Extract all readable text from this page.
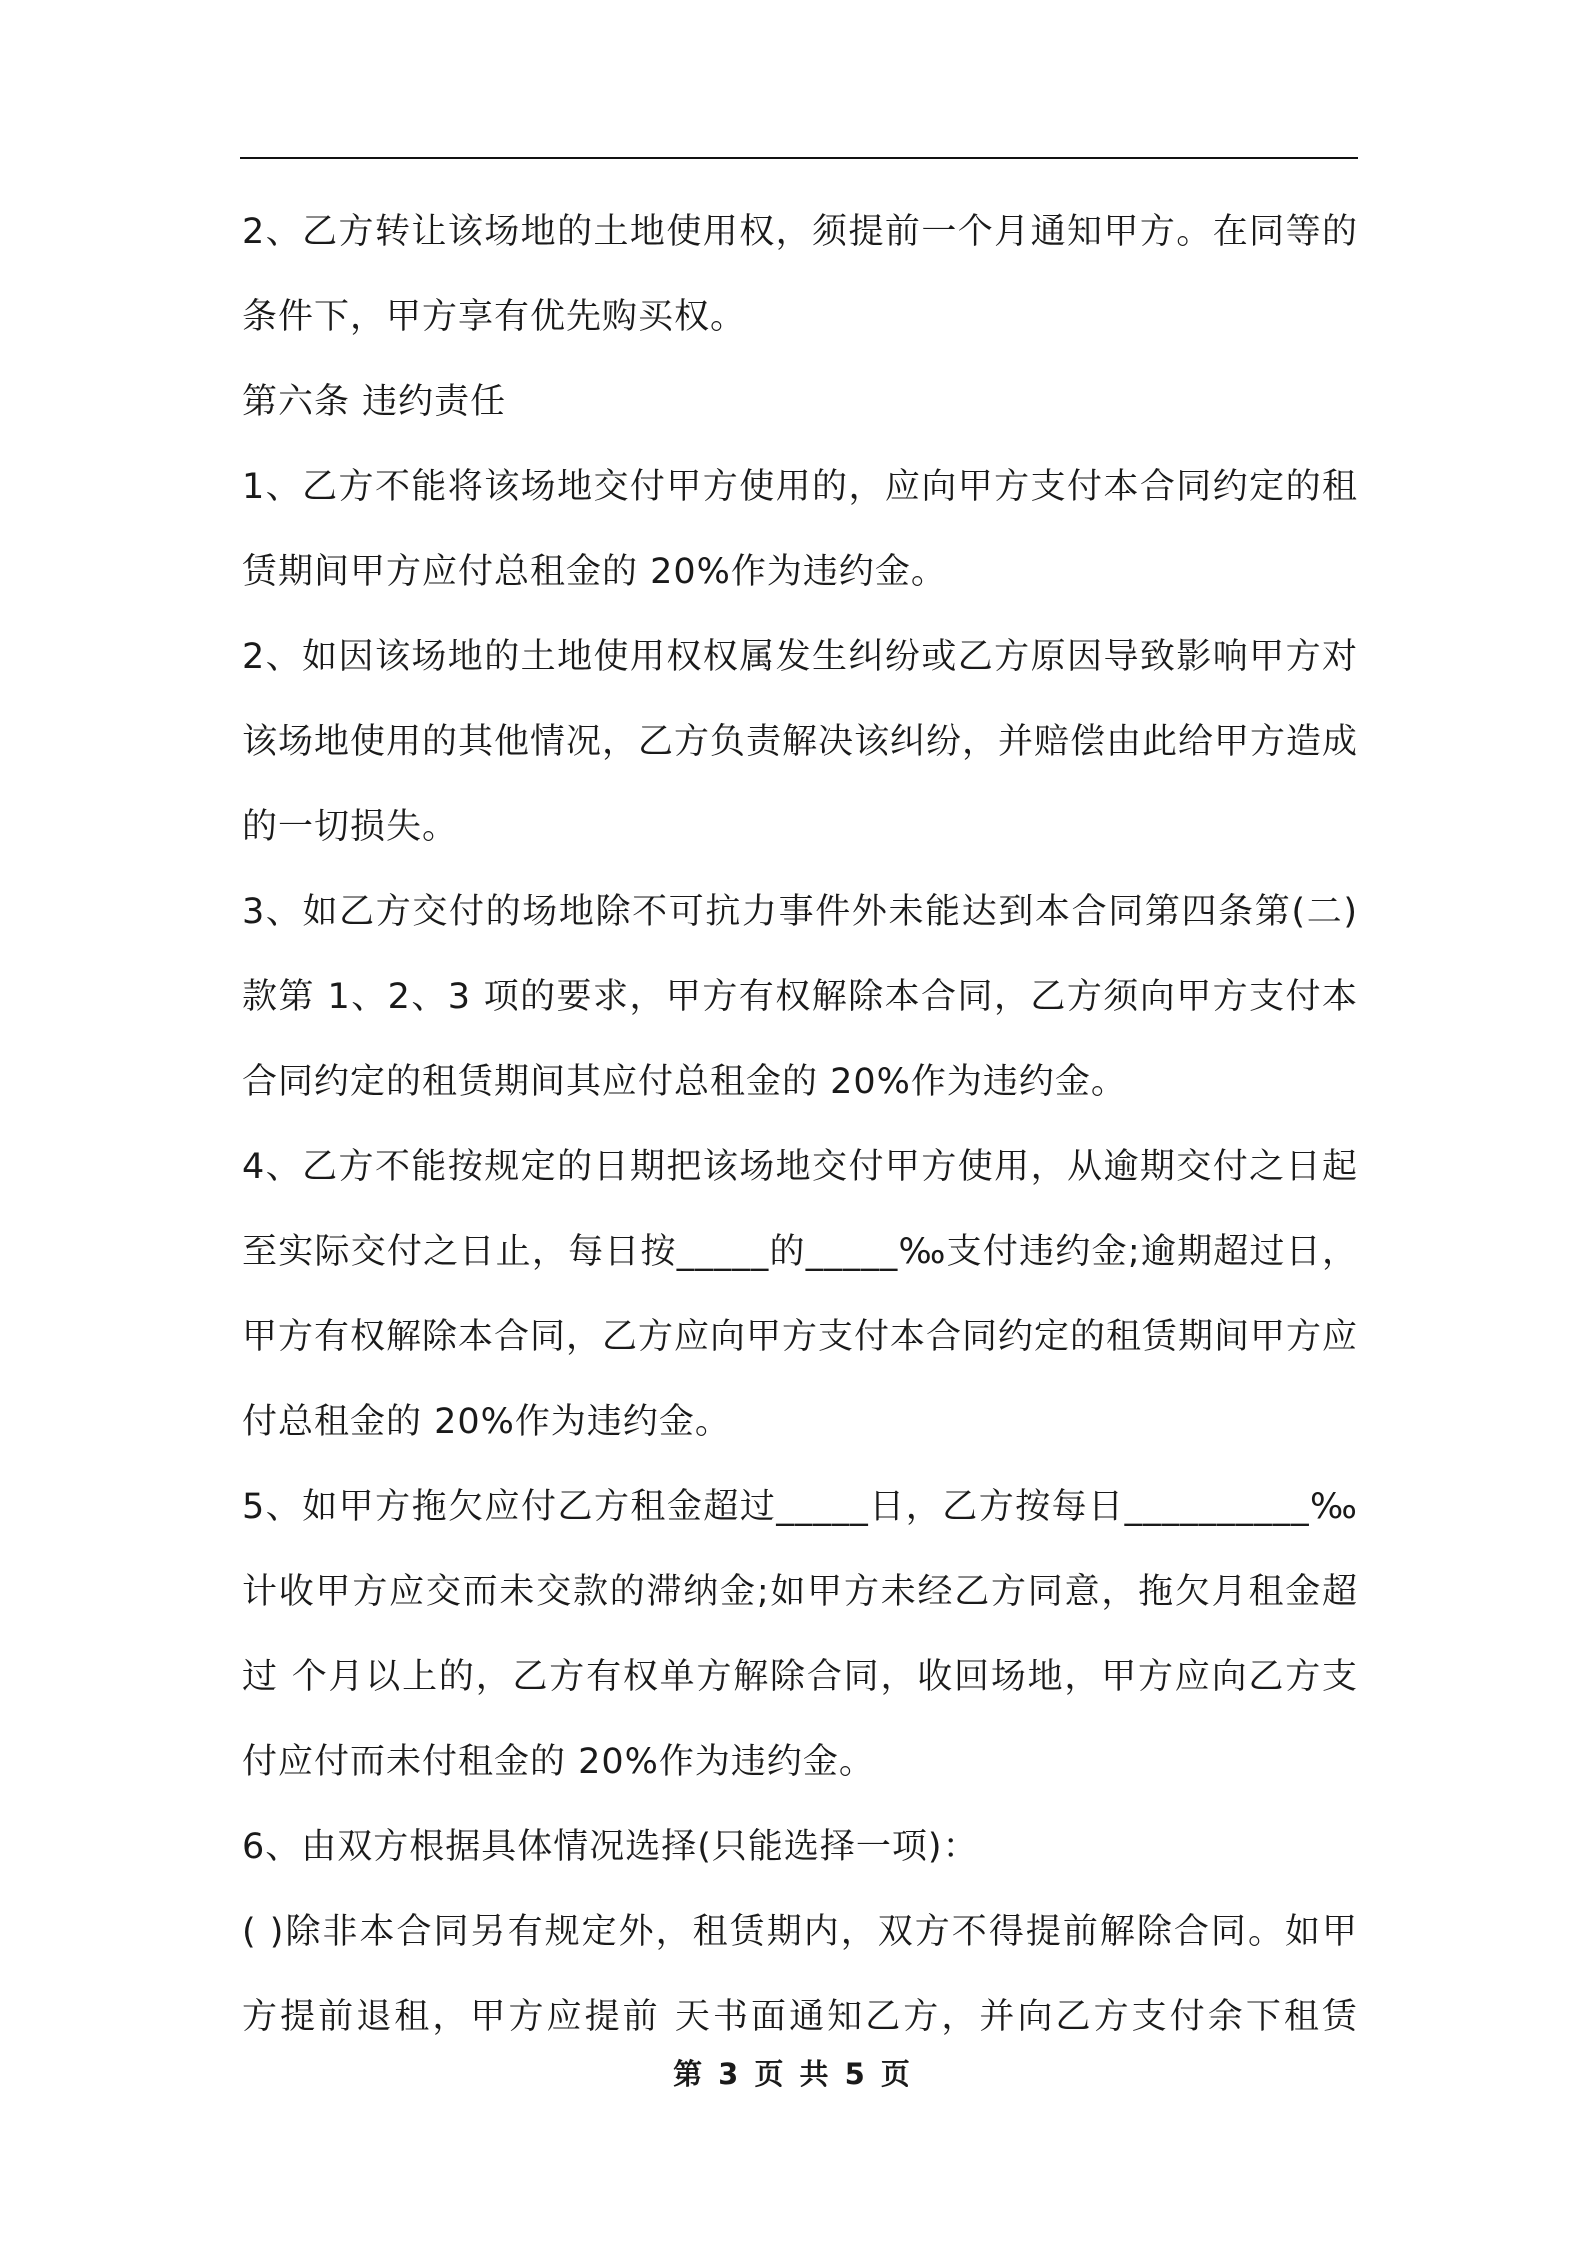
2、乙方转让该场地的土地使用权，须提前一个月通知甲方。在同等的条件下，甲方享有优先购买权。

第六条 违约责任

1、乙方不能将该场地交付甲方使用的，应向甲方支付本合同约定的租赁期间甲方应付总租金的 20%作为违约金。

2、如因该场地的土地使用权权属发生纠纷或乙方原因导致影响甲方对该场地使用的其他情况，乙方负责解决该纠纷，并赔偿由此给甲方造成的一切损失。

3、如乙方交付的场地除不可抗力事件外未能达到本合同第四条第(二)款第 1、2、3 项的要求，甲方有权解除本合同，乙方须向甲方支付本合同约定的租赁期间其应付总租金的 20%作为违约金。

4、乙方不能按规定的日期把该场地交付甲方使用，从逾期交付之日起至实际交付之日止，每日按_____的_____‰支付违约金;逾期超过日，甲方有权解除本合同，乙方应向甲方支付本合同约定的租赁期间甲方应付总租金的 20%作为违约金。

5、如甲方拖欠应付乙方租金超过_____日，乙方按每日__________‰计收甲方应交而未交款的滞纳金;如甲方未经乙方同意，拖欠月租金超过 个月以上的，乙方有权单方解除合同，收回场地，甲方应向乙方支付应付而未付租金的 20%作为违约金。

6、由双方根据具体情况选择(只能选择一项)：

( )除非本合同另有规定外，租赁期内，双方不得提前解除合同。如甲方提前退租，甲方应提前 天书面通知乙方，并向乙方支付余下租赁

第 3 页 共 5 页
